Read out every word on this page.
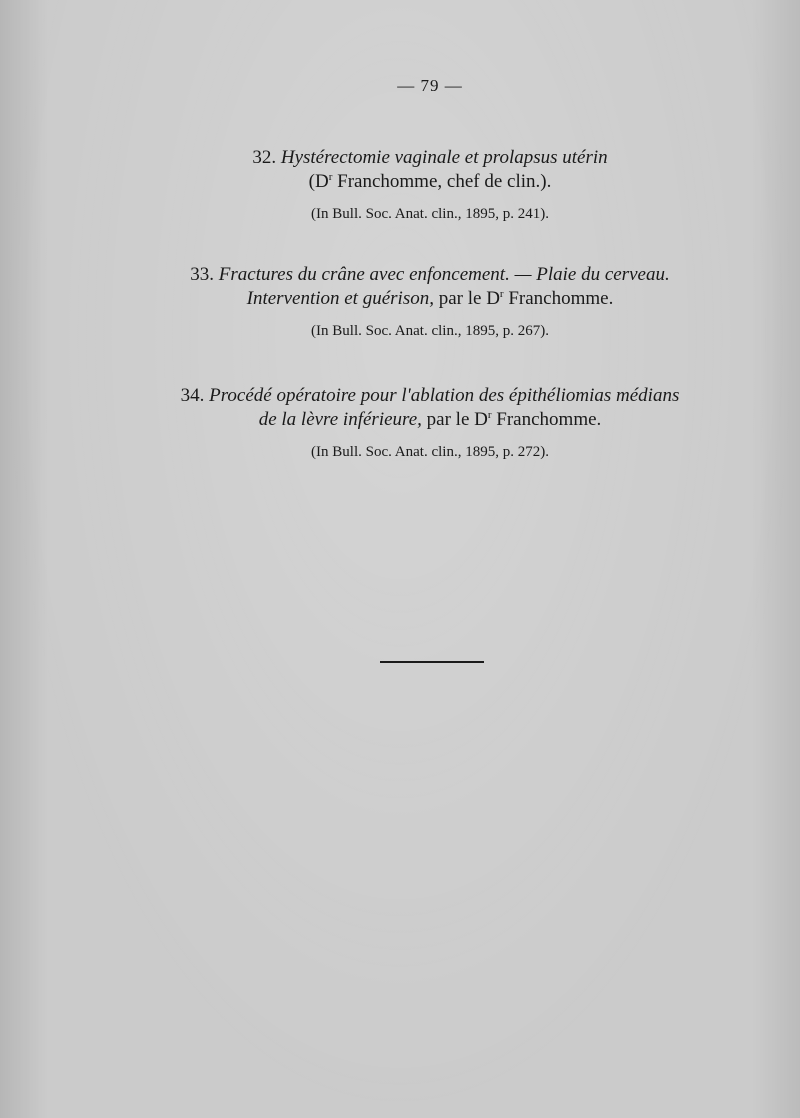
— 79 —
32. Hystérectomie vaginale et prolapsus utérin
($D^r$ Franchomme, chef de clin.).
(In Bull. Soc. Anat. clin., 1895, p. 241).
33. Fractures du crâne avec enfoncement. — Plaie du cerveau.
Intervention et guérison, par le $D^r$ Franchomme.
(In Bull. Soc. Anat. clin., 1895, p. 267).
34. Procédé opératoire pour l'ablation des épithéliomias médians
de la lèvre inférieure, par le $D^r$ Franchomme.
(In Bull. Soc. Anat. clin., 1895, p. 272).
